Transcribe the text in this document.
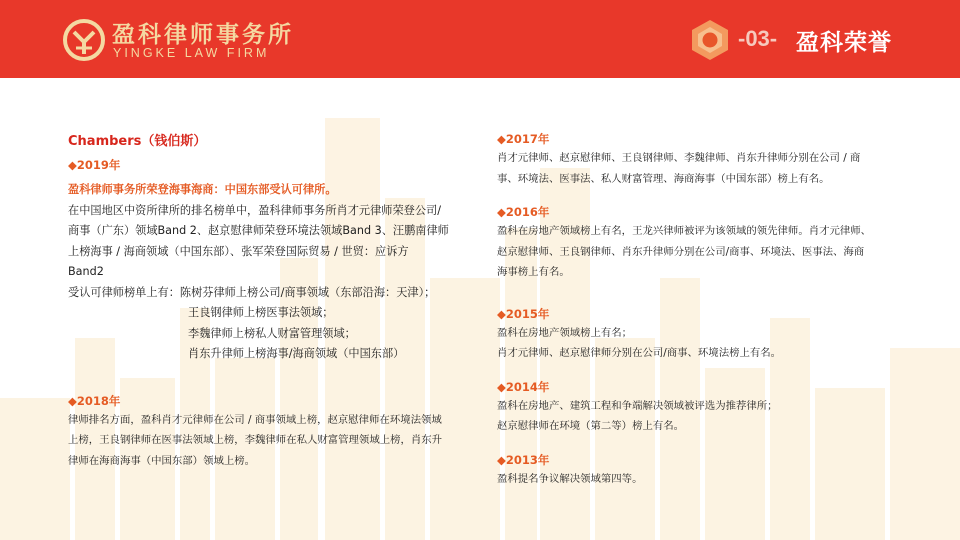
盈科律师事务所
YINGKE LAW FIRM
-03- 盈科荣誉
Chambers（钱伯斯）
◆2019年
盈科律师事务所荣登海事海商：中国东部受认可律所。
在中国地区中资所律所的排名榜单中，盈科律师事务所肖才元律师荣登公司/
商事（广东）领域Band 2、赵京慰律师荣登环境法领域Band 3、汪鹏南律师
上榜海事 / 海商领域（中国东部）、张军荣登国际贸易 / 世贸：应诉方
Band2
受认可律师榜单上有：陈树芬律师上榜公司/商事领域（东部沿海：天津）；
王良钢律师上榜医事法领域；
李魏律师上榜私人财富管理领域；
肖东升律师上榜海事/海商领域（中国东部）
◆2018年
律师排名方面，盈科肖才元律师在公司 / 商事领域上榜，赵京慰律师在环境法领域
上榜，王良钢律师在医事法领域上榜，李魏律师在私人财富管理领域上榜，肖东升
律师在海商海事（中国东部）领域上榜。
◆2017年
肖才元律师、赵京慰律师、王良钢律师、李魏律师、肖东升律师分别在公司 / 商
事、环境法、医事法、私人财富管理、海商海事（中国东部）榜上有名。
◆2016年
盈科在房地产领域榜上有名，王龙兴律师被评为该领域的领先律师。肖才元律师、
赵京慰律师、王良钢律师、肖东升律师分别在公司/商事、环境法、医事法、海商
海事榜上有名。
◆2015年
盈科在房地产领域榜上有名；
肖才元律师、赵京慰律师分别在公司/商事、环境法榜上有名。
◆2014年
盈科在房地产、建筑工程和争端解决领域被评选为推荐律所；
赵京慰律师在环境（第二等）榜上有名。
◆2013年
盈科提名争议解决领域第四等。
